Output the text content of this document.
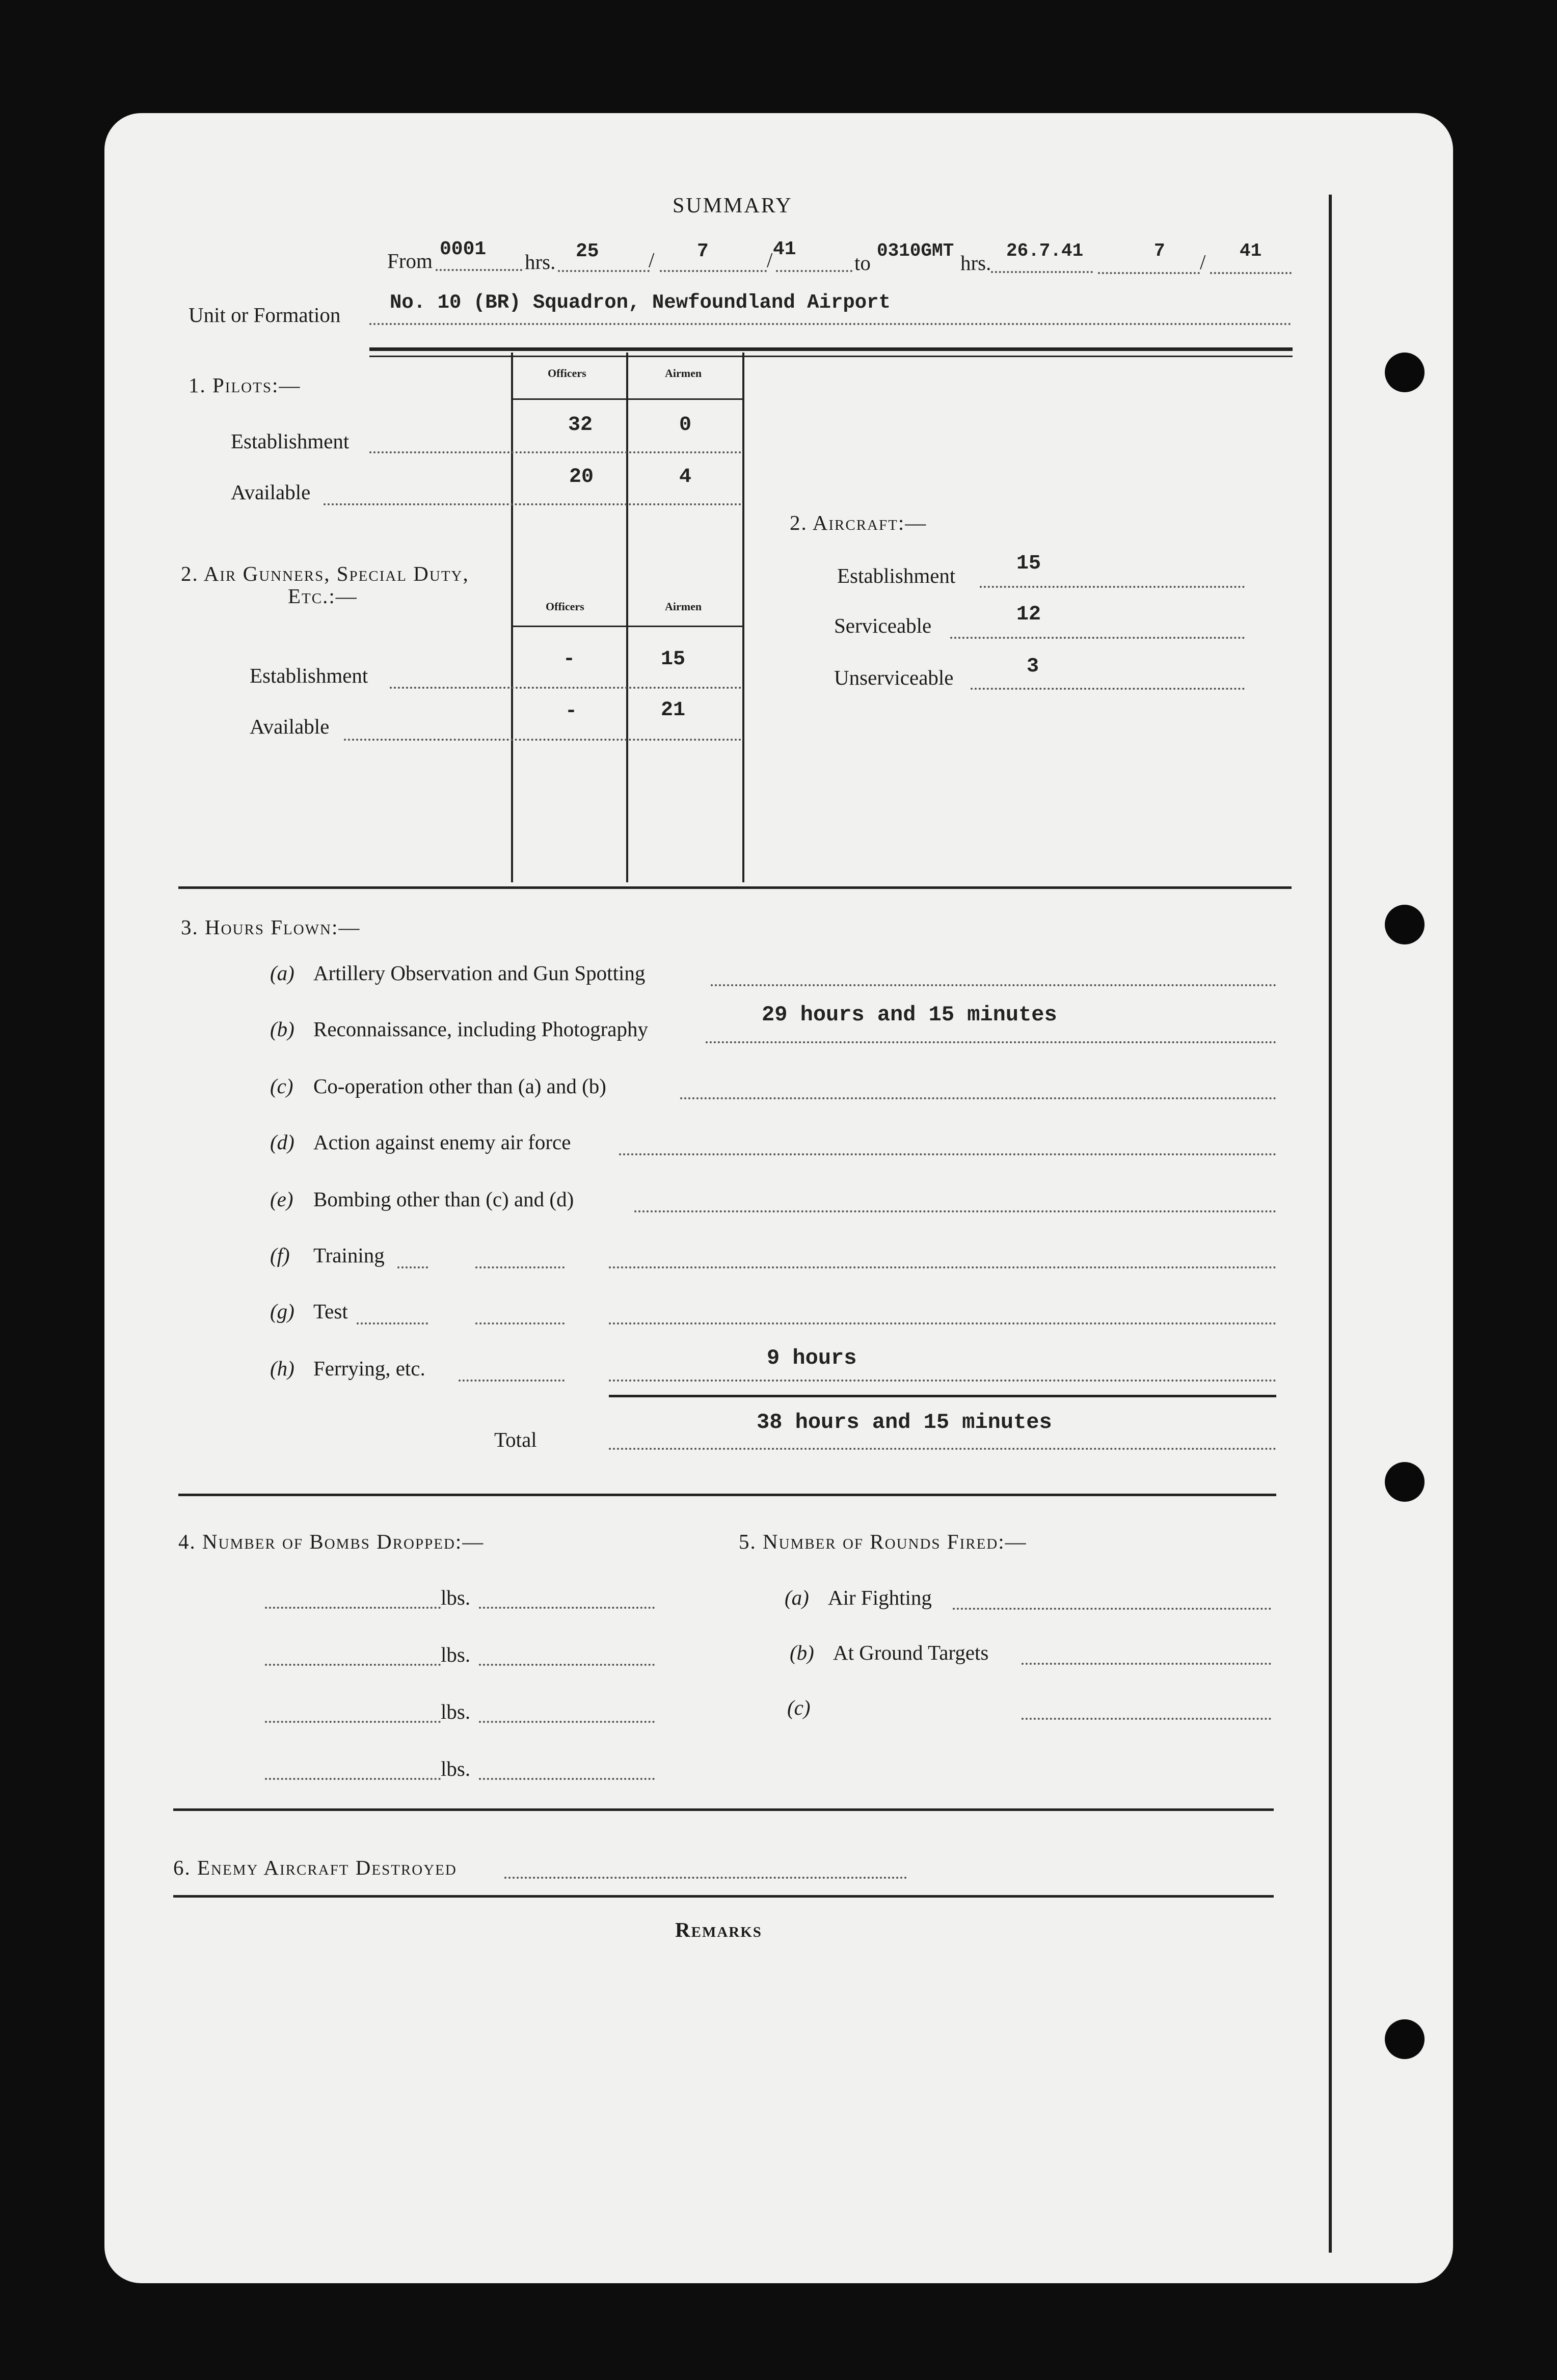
SUMMARY
From 0001
hrs. 25 / 7	/ 41
to
0310GMT
hrs.
26.7.41	7 / 41
Unit or Formation
No. 10 (BR) Squadron, Newfoundland Airport
1. Pilots:—
Officers	Airmen
Establishment
32	0
Available
20	4
2. Air Gunners, Special Duty,
Etc.:—	Officers	Airmen
Establishment
-	15
Available
-	21
2. Aircraft:—
Establishment
15
Serviceable	12
Unserviceable	3
3. Hours Flown:—
(a) Artillery Observation and Gun Spotting
(b) Reconnaissance, including Photography
29 hours and 15 minutes
(c) Co-operation other than (a) and (b)
(d) Action against enemy air force
(e) Bombing other than (c) and (d)
(f) Training
(g) Test
(h) Ferrying, etc.	9 hours
Total
38 hours and 15 minutes
4. Number of Bombs Dropped:—
lbs.
lbs.
lbs.
lbs.
5. Number of Rounds Fired:—
(a) Air Fighting
(b) At Ground Targets
(c)
6. Enemy Aircraft Destroyed
Remarks
